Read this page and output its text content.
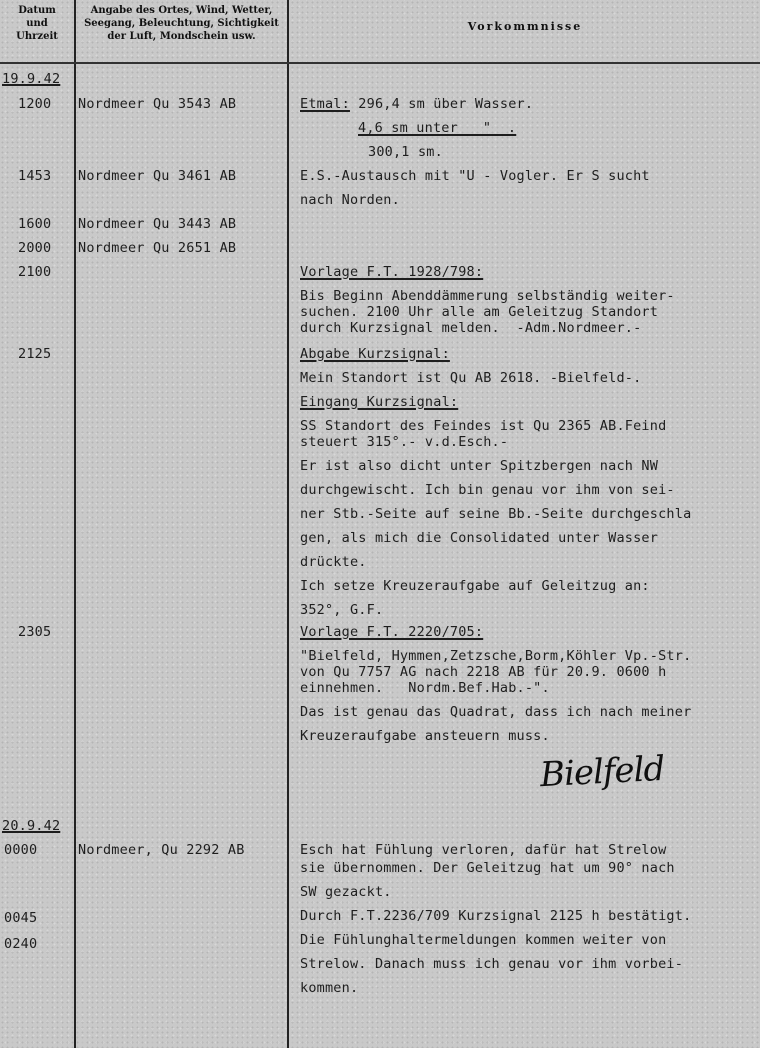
Datum
und
Uhrzeit
Angabe des Ortes, Wind, Wetter,
Seegang, Beleuchtung, Sichtigkeit
der Luft, Mondschein usw.
Vorkommnisse
19.9.42
20.9.42
1200
1453
1600
2000
2100
2125
2305
0000
0045
0240
Nordmeer Qu 3543 AB
Nordmeer Qu 3461 AB
Nordmeer Qu 3443 AB
Nordmeer Qu 2651 AB
Nordmeer, Qu 2292 AB
Etmal: 296,4 sm über Wasser.
4,6 sm unter   "  .
300,1 sm.
E.S.-Austausch mit "U - Vogler. Er S sucht
nach Norden.
Vorlage F.T. 1928/798:
Bis Beginn Abenddämmerung selbständig weiter-
suchen. 2100 Uhr alle am Geleitzug Standort
durch Kurzsignal melden.  -Adm.Nordmeer.-
Abgabe Kurzsignal:
Mein Standort ist Qu AB 2618. -Bielfeld-.
Eingang Kurzsignal:
SS Standort des Feindes ist Qu 2365 AB.Feind
steuert 315°.- v.d.Esch.-
Er ist also dicht unter Spitzbergen nach NW
durchgewischt. Ich bin genau vor ihm von sei-
ner Stb.-Seite auf seine Bb.-Seite durchgeschla
gen, als mich die Consolidated unter Wasser
drückte.
Ich setze Kreuzeraufgabe auf Geleitzug an:
352°, G.F.
Vorlage F.T. 2220/705:
"Bielfeld, Hymmen,Zetzsche,Borm,Köhler Vp.-Str.
von Qu 7757 AG nach 2218 AB für 20.9. 0600 h
einnehmen.   Nordm.Bef.Hab.-".
Das ist genau das Quadrat, dass ich nach meiner
Kreuzeraufgabe ansteuern muss.
Bielfeld
Esch hat Fühlung verloren, dafür hat Strelow
sie übernommen. Der Geleitzug hat um 90° nach
SW gezackt.
Durch F.T.2236/709 Kurzsignal 2125 h bestätigt.
Die Fühlunghaltermeldungen kommen weiter von
Strelow. Danach muss ich genau vor ihm vorbei-
kommen.
